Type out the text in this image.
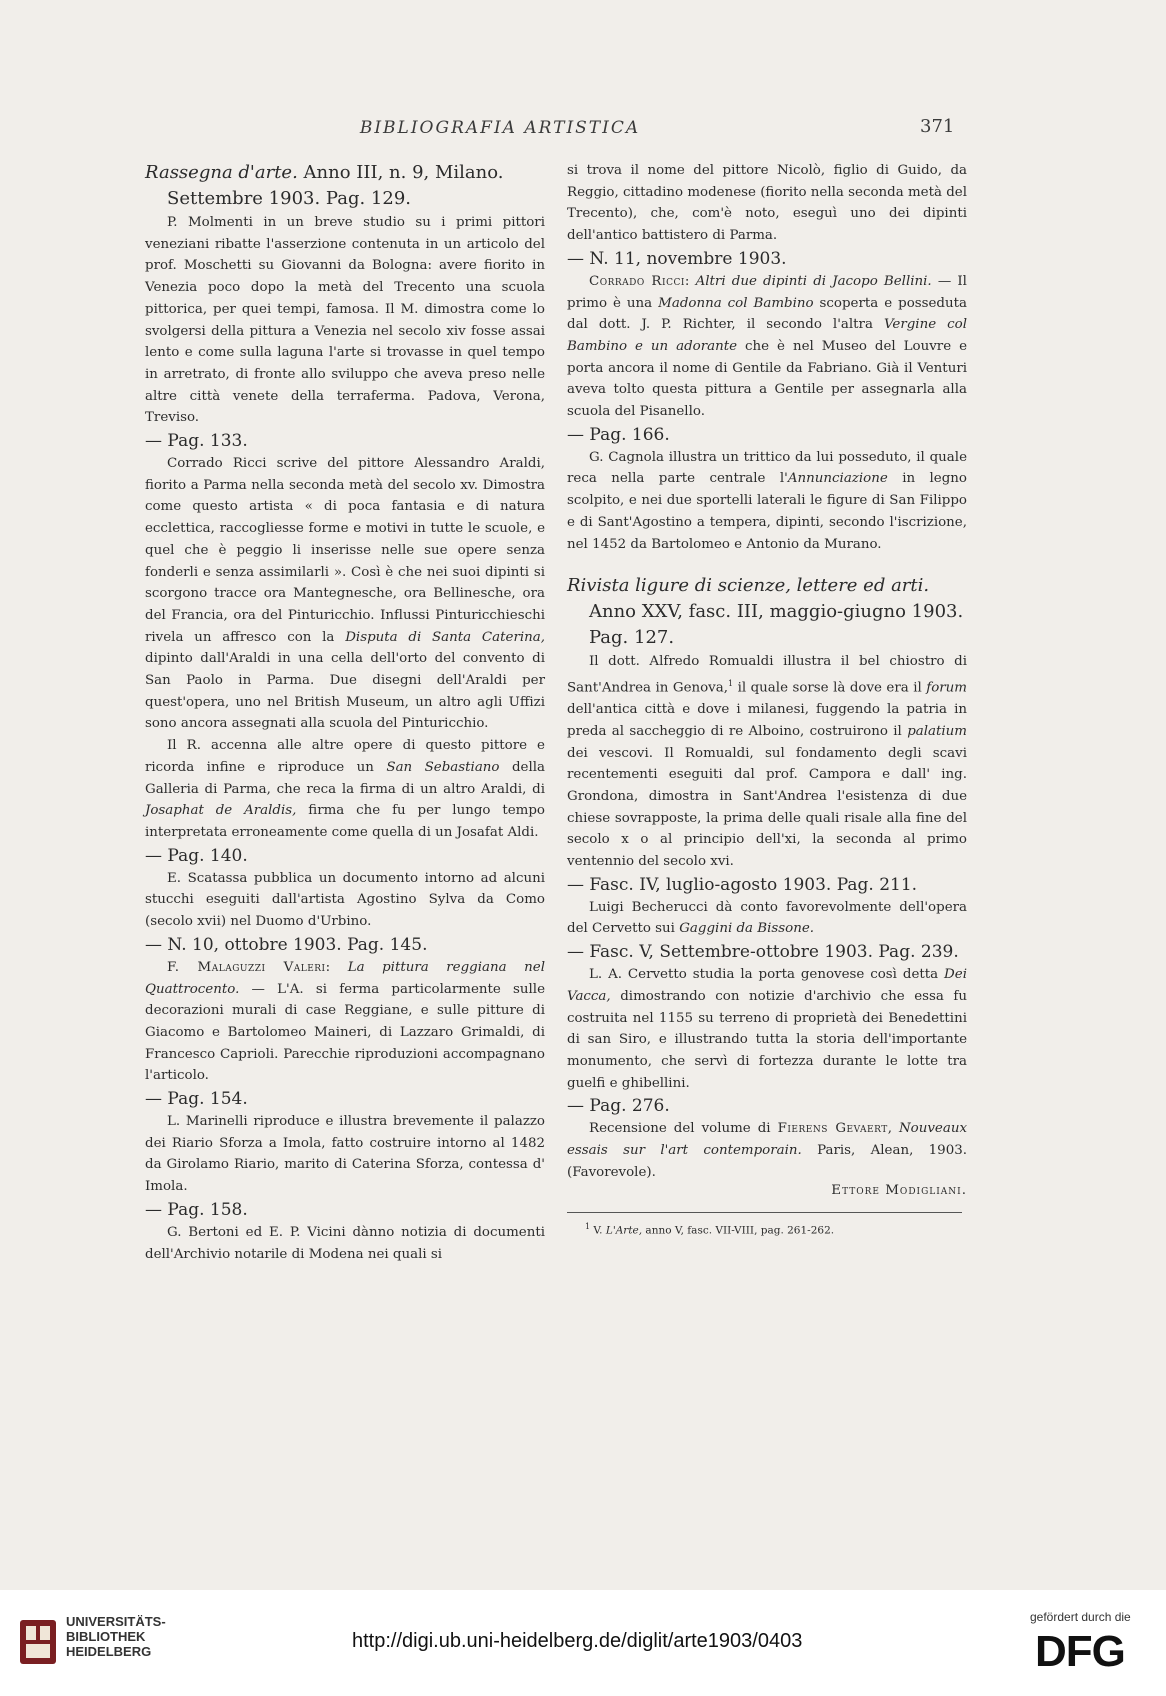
BIBLIOGRAFIA ARTISTICA	371

Rassegna d'arte. Anno III, n. 9, Milano. Settembre 1903. Pag. 129.

P. Molmenti in un breve studio su i primi pittori veneziani ribatte l'asserzione contenuta in un articolo del prof. Moschetti su Giovanni da Bologna: avere fiorito in Venezia poco dopo la metà del Trecento una scuola pittorica, per quei tempi, famosa. Il M. dimostra come lo svolgersi della pittura a Venezia nel secolo xiv fosse assai lento e come sulla laguna l'arte si trovasse in quel tempo in arretrato, di fronte allo sviluppo che aveva preso nelle altre città venete della terraferma. Padova, Verona, Treviso.

— Pag. 133.

Corrado Ricci scrive del pittore Alessandro Araldi, fiorito a Parma nella seconda metà del secolo xv. Dimostra come questo artista « di poca fantasia e di natura ecclettica, raccogliesse forme e motivi in tutte le scuole, e quel che è peggio li inserisse nelle sue opere senza fonderli e senza assimilarli ». Così è che nei suoi dipinti si scorgono tracce ora Mantegnesche, ora Bellinesche, ora del Francia, ora del Pinturicchio. Influssi Pinturicchieschi rivela un affresco con la Disputa di Santa Caterina, dipinto dall'Araldi in una cella dell'orto del convento di San Paolo in Parma. Due disegni dell'Araldi per quest'opera, uno nel British Museum, un altro agli Uffizi sono ancora assegnati alla scuola del Pinturicchio.

Il R. accenna alle altre opere di questo pittore e ricorda infine e riproduce un San Sebastiano della Galleria di Parma, che reca la firma di un altro Araldi, di Josaphat de Araldis, firma che fu per lungo tempo interpretata erroneamente come quella di un Josafat Aldi.

— Pag. 140.

E. Scatassa pubblica un documento intorno ad alcuni stucchi eseguiti dall'artista Agostino Sylva da Como (secolo xvii) nel Duomo d'Urbino.

— N. 10, ottobre 1903. Pag. 145.

F. Malaguzzi Valeri: La pittura reggiana nel Quattrocento. — L'A. si ferma particolarmente sulle decorazioni murali di case Reggiane, e sulle pitture di Giacomo e Bartolomeo Maineri, di Lazzaro Grimaldi, di Francesco Caprioli. Parecchie riproduzioni accompagnano l'articolo.

— Pag. 154.

L. Marinelli riproduce e illustra brevemente il palazzo dei Riario Sforza a Imola, fatto costruire intorno al 1482 da Girolamo Riario, marito di Caterina Sforza, contessa d' Imola.

— Pag. 158.

G. Bertoni ed E. P. Vicini dànno notizia di documenti dell'Archivio notarile di Modena nei quali si

si trova il nome del pittore Nicolò, figlio di Guido, da Reggio, cittadino modenese (fiorito nella seconda metà del Trecento), che, com'è noto, eseguì uno dei dipinti dell'antico battistero di Parma.

— N. 11, novembre 1903.

Corrado Ricci: Altri due dipinti di Jacopo Bellini. — Il primo è una Madonna col Bambino scoperta e posseduta dal dott. J. P. Richter, il secondo l'altra Vergine col Bambino e un adorante che è nel Museo del Louvre e porta ancora il nome di Gentile da Fabriano. Già il Venturi aveva tolto questa pittura a Gentile per assegnarla alla scuola del Pisanello.

— Pag. 166.

G. Cagnola illustra un trittico da lui posseduto, il quale reca nella parte centrale l'Annunciazione in legno scolpito, e nei due sportelli laterali le figure di San Filippo e di Sant'Agostino a tempera, dipinti, secondo l'iscrizione, nel 1452 da Bartolomeo e Antonio da Murano.

Rivista ligure di scienze, lettere ed arti. Anno XXV, fasc. III, maggio-giugno 1903. Pag. 127.

Il dott. Alfredo Romualdi illustra il bel chiostro di Sant'Andrea in Genova,$^1$ il quale sorse là dove era il forum dell'antica città e dove i milanesi, fuggendo la patria in preda al saccheggio di re Alboino, costruirono il palatium dei vescovi. Il Romualdi, sul fondamento degli scavi recentementi eseguiti dal prof. Campora e dall' ing. Grondona, dimostra in Sant'Andrea l'esistenza di due chiese sovrapposte, la prima delle quali risale alla fine del secolo x o al principio dell'xi, la seconda al primo ventennio del secolo xvi.

— Fasc. IV, luglio-agosto 1903. Pag. 211.

Luigi Becherucci dà conto favorevolmente dell'opera del Cervetto sui Gaggini da Bissone.

— Fasc. V, Settembre-ottobre 1903. Pag. 239.

L. A. Cervetto studia la porta genovese così detta Dei Vacca, dimostrando con notizie d'archivio che essa fu costruita nel 1155 su terreno di proprietà dei Benedettini di san Siro, e illustrando tutta la storia dell'importante monumento, che servì di fortezza durante le lotte tra guelfi e ghibellini.

— Pag. 276.

Recensione del volume di Fierens Gevaert, Nouveaux essais sur l'art contemporain. Paris, Alean, 1903. (Favorevole).

Ettore Modigliani.

$^1$ V. L'Arte, anno V, fasc. VII-VIII, pag. 261-262.

UNIVERSITÄTS-
BIBLIOTHEK
HEIDELBERG	http://digi.ub.uni-heidelberg.de/diglit/arte1903/0403
gefördert durch die
DFG
